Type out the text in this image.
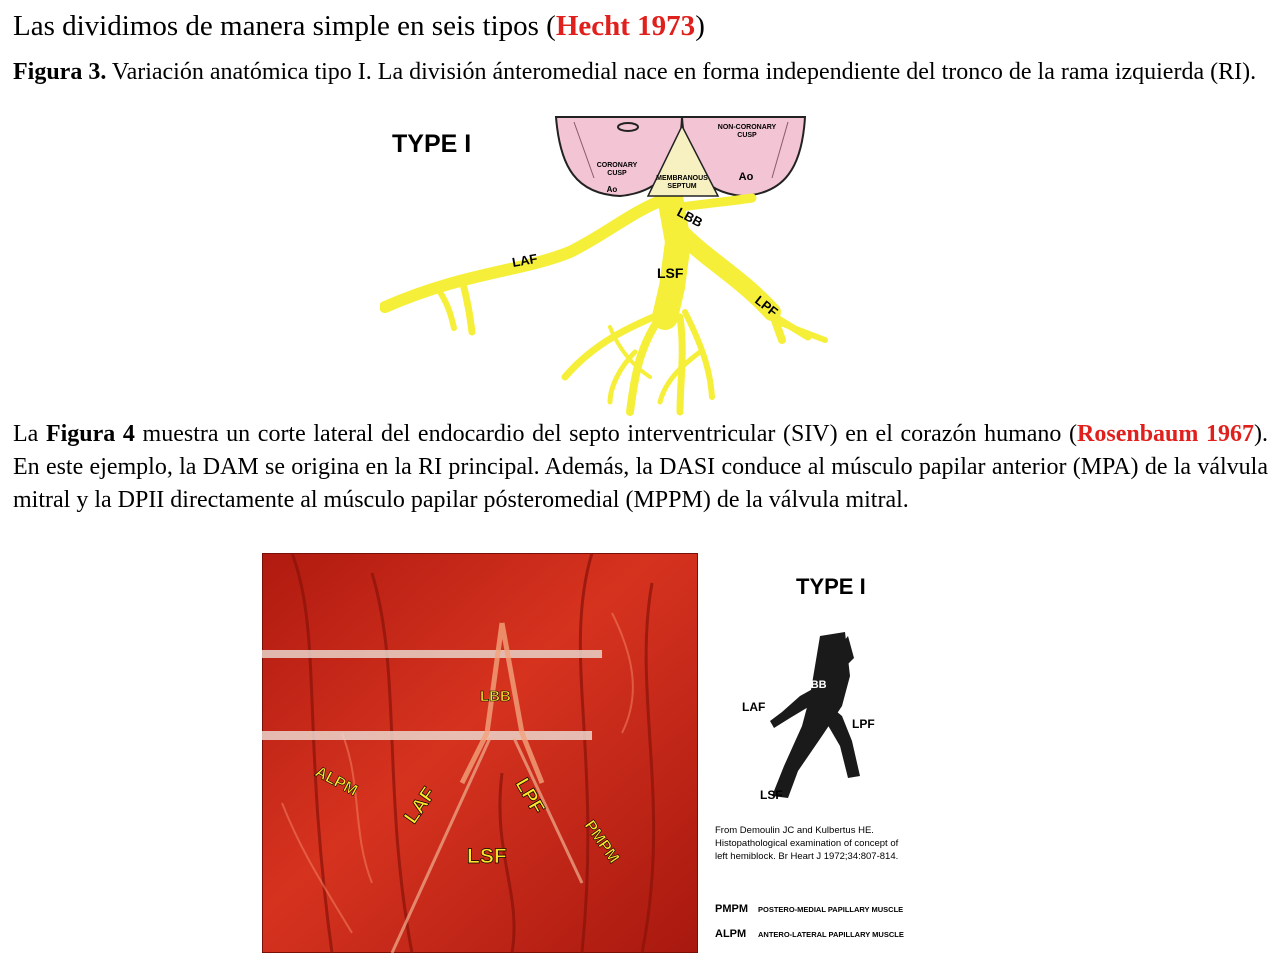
Las dividimos de manera simple en seis tipos (Hecht 1973)
Figura 3. Variación anatómica tipo I. La división ánteromedial nace en forma independiente del tronco de la rama izquierda (RI).
TYPE I
NON-CORONARY
CUSP
CORONARY
CUSP
Ao
Ao
MEMBRANOUS
SEPTUM
LBB
LAF
LSF
LPF
La Figura 4 muestra un corte lateral del endocardio del septo interventricular (SIV) en el corazón humano (Rosenbaum 1967). En este ejemplo, la DAM se origina en la RI principal. Además, la DASI conduce al músculo papilar anterior (MPA) de la válvula mitral y la DPII directamente al músculo papilar pósteromedial (MPPM) de la válvula mitral.
LBB
ALPM
LAF	LPF
LSF	PMPM
TYPE I
LBB
LAF
LPF
LSF
From Demoulin JC and Kulbertus HE.
Histopathological examination of concept of
left hemiblock. Br Heart J 1972;34:807-814.
PMPM POSTERO-MEDIAL PAPILLARY MUSCLE
ALPM ANTERO-LATERAL PAPILLARY MUSCLE
